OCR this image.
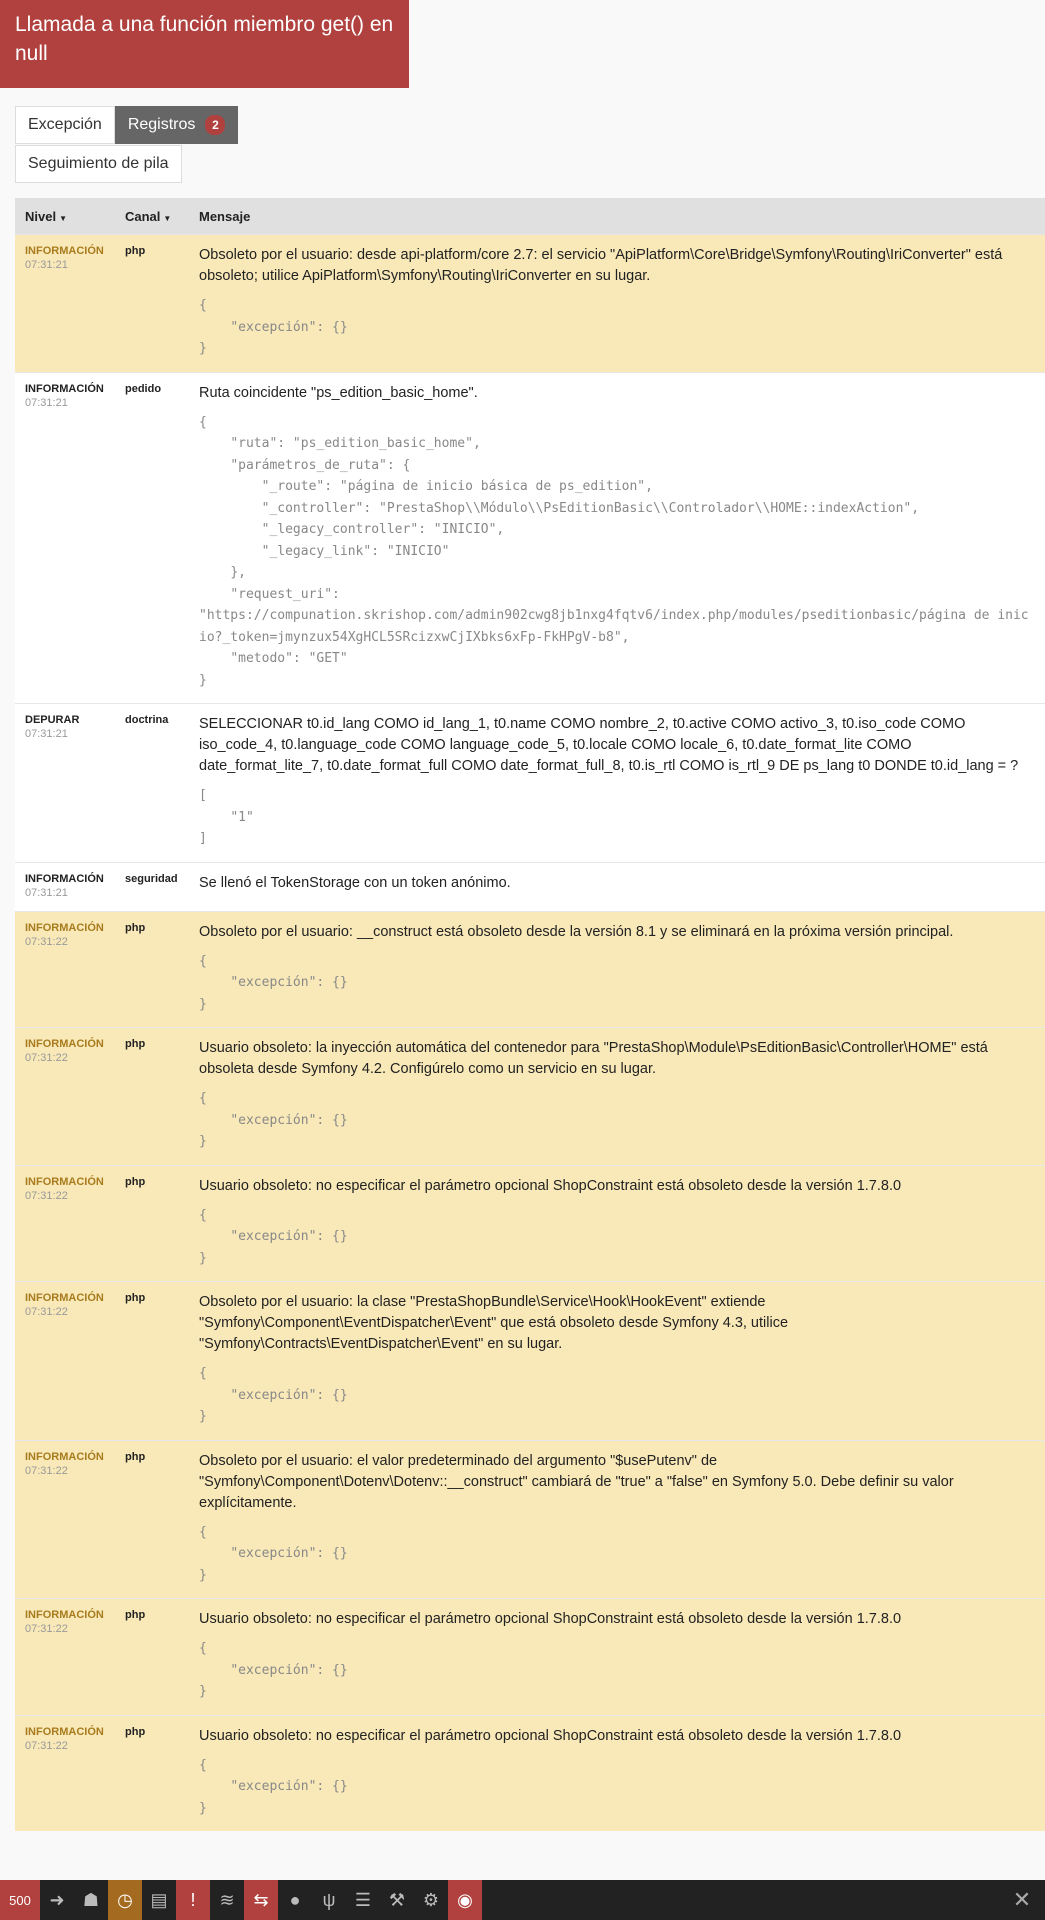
Llamada a una función miembro get() en null
Excepción Registros	2
Seguimiento de pila
Nivel ▼	Canal ▼	Mensaje
INFORMACIÓN
07:31:21
php	Obsoleto por el usuario: desde api-platform/core 2.7: el servicio "ApiPlatform\Core\Bridge\Symfony\Routing\IriConverter" está obsoleto; utilice ApiPlatform\Symfony\Routing\IriConverter en su lugar.
{
"excepción": {}
}
INFORMACIÓN
07:31:21
pedido	Ruta coincidente "ps_edition_basic_home".
{
"ruta": "ps_edition_basic_home",
"parámetros_de_ruta": {
"_route": "página de inicio básica de ps_edition",
"_controller": "PrestaShop\\Módulo\\PsEditionBasic\\Controlador\\HOME::indexAction",
"_legacy_controller": "INICIO",
"_legacy_link": "INICIO"
},
"request_uri":
"https://compunation.skrishop.com/admin902cwg8jb1nxg4fqtv6/index.php/modules/pseditionbasic/página de inicio?_token=jmynzux54XgHCL5SRcizxwCjIXbks6xFp-FkHPgV-b8",
"metodo": "GET"
}
DEPURAR
07:31:21
doctrina	SELECCIONAR t0.id_lang COMO id_lang_1, t0.name COMO nombre_2, t0.active COMO activo_3, t0.iso_code COMO iso_code_4, t0.language_code COMO language_code_5, t0.locale COMO locale_6, t0.date_format_lite COMO date_format_lite_7, t0.date_format_full COMO date_format_full_8, t0.is_rtl COMO is_rtl_9 DE ps_lang t0 DONDE t0.id_lang = ?
[
"1"
]
INFORMACIÓN
07:31:21
seguridad	Se llenó el TokenStorage con un token anónimo.
INFORMACIÓN
07:31:22
php	Obsoleto por el usuario: __construct está obsoleto desde la versión 8.1 y se eliminará en la próxima versión principal.
{
"excepción": {}
}
INFORMACIÓN
07:31:22
php	Usuario obsoleto: la inyección automática del contenedor para "PrestaShop\Module\PsEditionBasic\Controller\HOME" está obsoleta desde Symfony 4.2. Configúrelo como un servicio en su lugar.
{
"excepción": {}
}
INFORMACIÓN
07:31:22
php	Usuario obsoleto: no especificar el parámetro opcional ShopConstraint está obsoleto desde la versión 1.7.8.0
{
"excepción": {}
}
INFORMACIÓN
07:31:22
php	Obsoleto por el usuario: la clase "PrestaShopBundle\Service\Hook\HookEvent" extiende "Symfony\Component\EventDispatcher\Event" que está obsoleto desde Symfony 4.3, utilice "Symfony\Contracts\EventDispatcher\Event" en su lugar.
{
"excepción": {}
}
INFORMACIÓN
07:31:22
php	Obsoleto por el usuario: el valor predeterminado del argumento "$usePutenv" de "Symfony\Component\Dotenv\Dotenv::__construct" cambiará de "true" a "false" en Symfony 5.0. Debe definir su valor explícitamente.
{
"excepción": {}
}
INFORMACIÓN
07:31:22
php	Usuario obsoleto: no especificar el parámetro opcional ShopConstraint está obsoleto desde la versión 1.7.8.0
{
"excepción": {}
}
INFORMACIÓN
07:31:22
php	Usuario obsoleto: no especificar el parámetro opcional ShopConstraint está obsoleto desde la versión 1.7.8.0
{
"excepción": {}
}
500	➜	☗	◷ ▤	!	≋	⇆	●	ψ	☰ ⚒ ⚙	◉	✕
